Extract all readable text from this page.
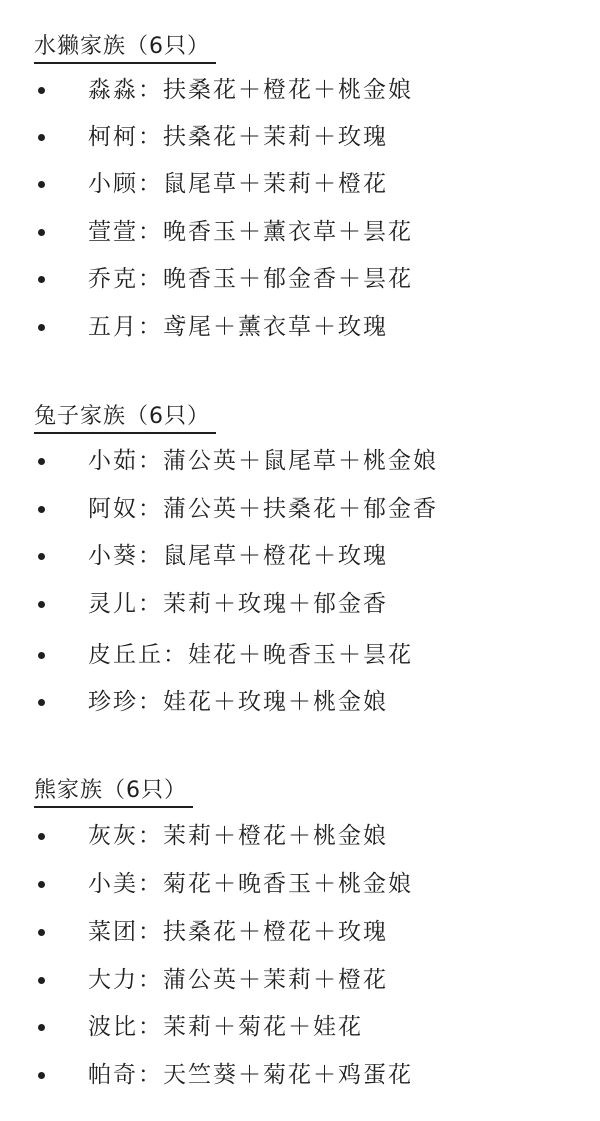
水獭家族（6只）
淼淼：扶桑花＋橙花＋桃金娘
柯柯：扶桑花＋茉莉＋玫瑰
小顾：鼠尾草＋茉莉＋橙花
萱萱：晚香玉＋薰衣草＋昙花
乔克：晚香玉＋郁金香＋昙花
五月：鸢尾＋薰衣草＋玫瑰
兔子家族（6只）
小茹：蒲公英＋鼠尾草＋桃金娘
阿奴：蒲公英＋扶桑花＋郁金香
小葵：鼠尾草＋橙花＋玫瑰
灵儿：茉莉＋玫瑰＋郁金香
皮丘丘：娃花＋晚香玉＋昙花
珍珍：娃花＋玫瑰＋桃金娘
熊家族（6只）
灰灰：茉莉＋橙花＋桃金娘
小美：菊花＋晚香玉＋桃金娘
菜团：扶桑花＋橙花＋玫瑰
大力：蒲公英＋茉莉＋橙花
波比：茉莉＋菊花＋娃花
帕奇：天竺葵＋菊花＋鸡蛋花
